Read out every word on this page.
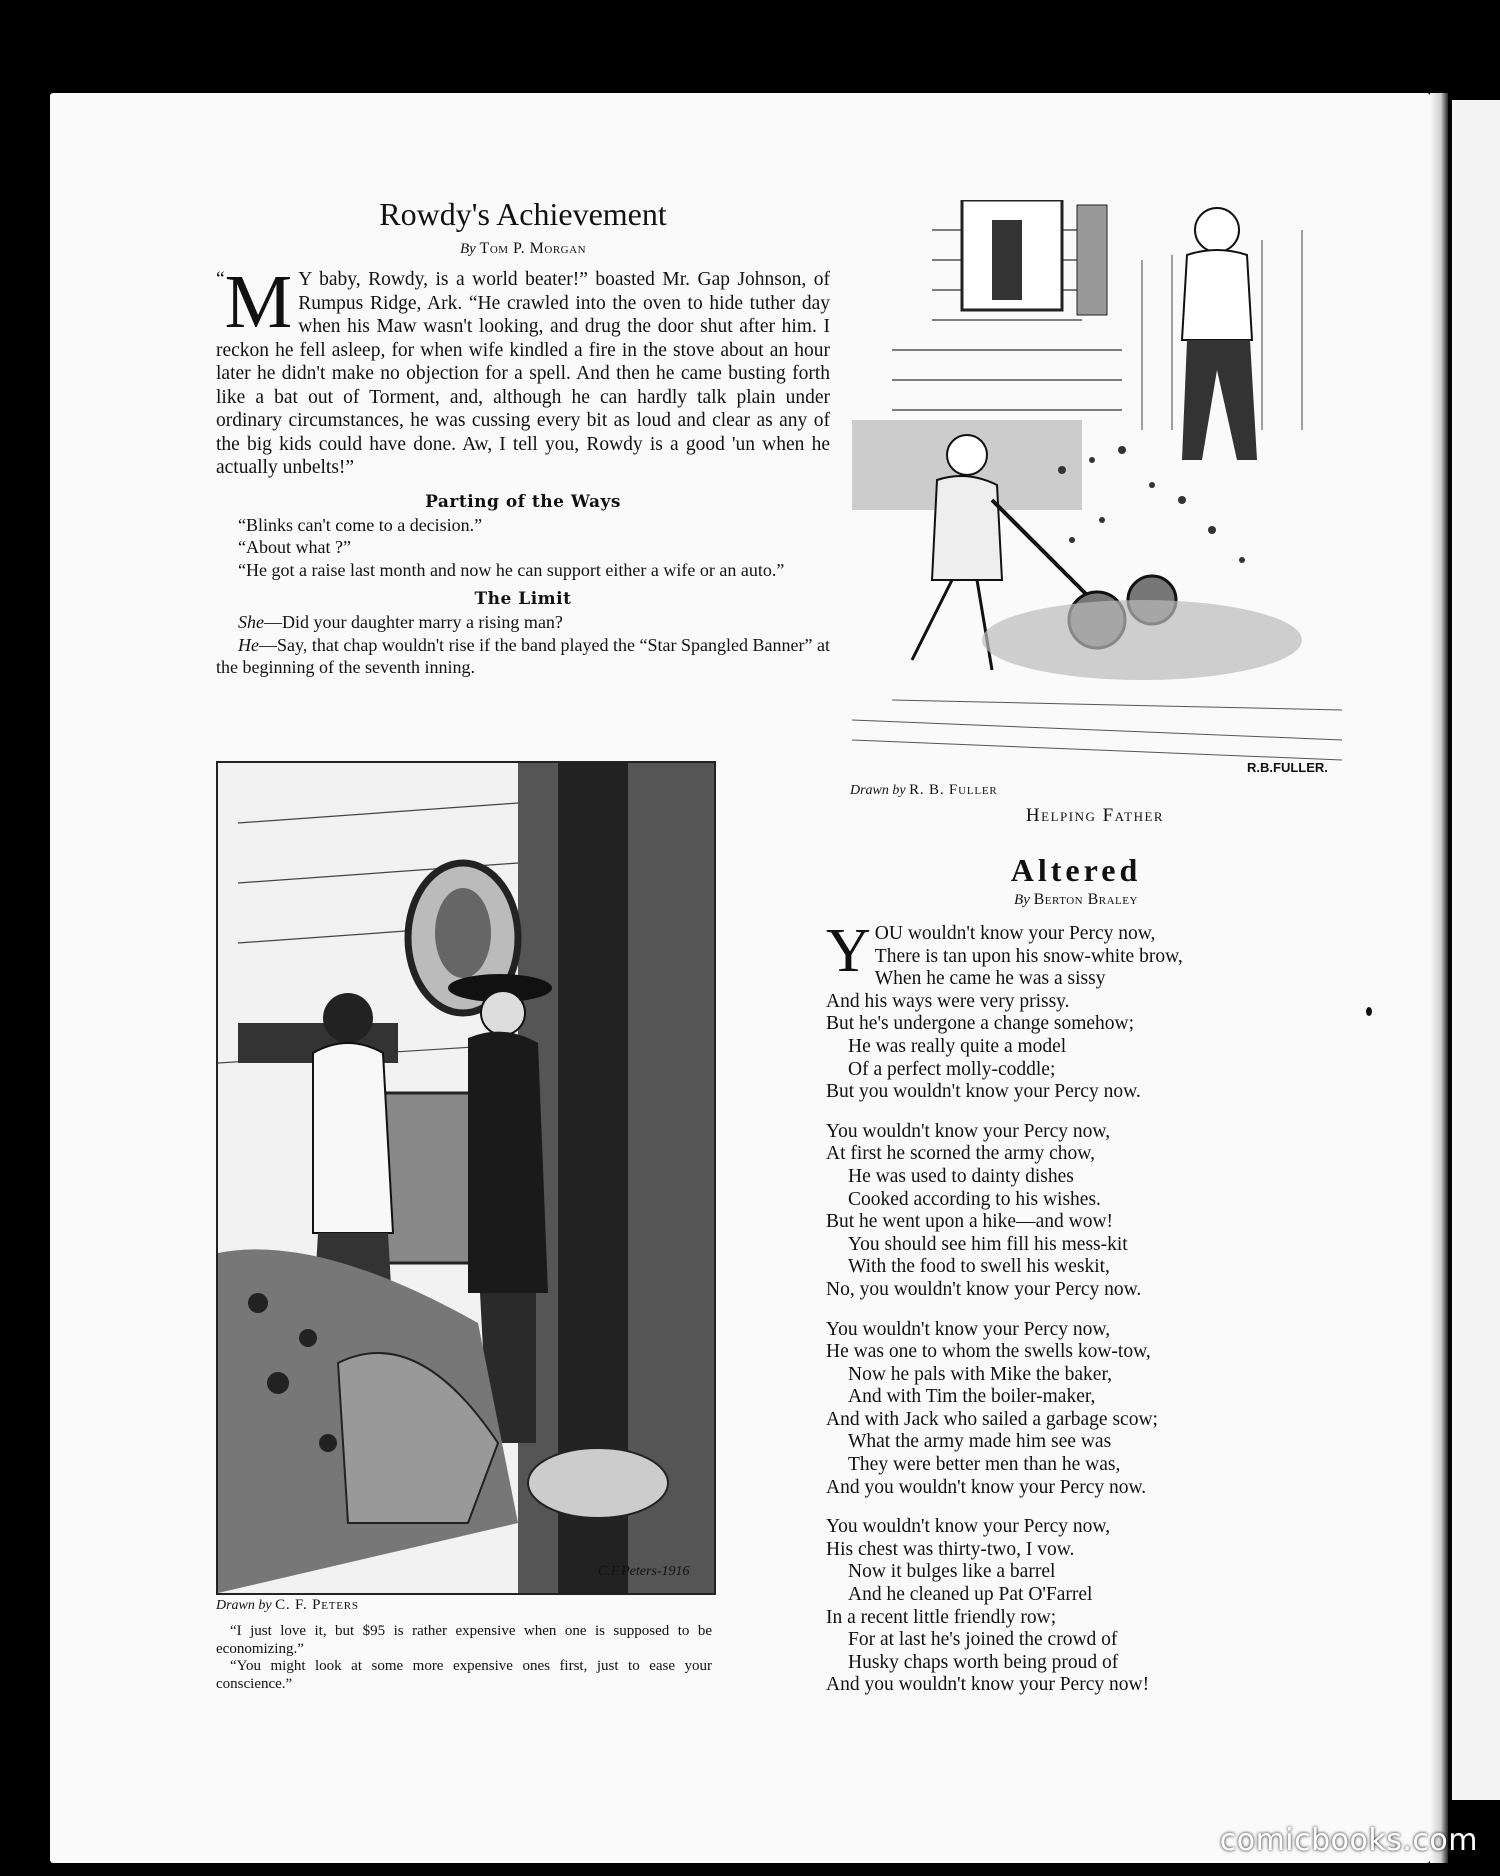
Rowdy's Achievement
By Tom P. Morgan

“ M Y baby, Rowdy, is a world beater!” boasted Mr. Gap Johnson, of Rumpus Ridge, Ark. “He crawled into the oven to hide tuther day when his Maw wasn't looking, and drug the door shut after him. I reckon he fell asleep, for when wife kindled a fire in the stove about an hour later he didn't make no objection for a spell. And then he came busting forth like a bat out of Torment, and, although he can hardly talk plain under ordinary circumstances, he was cussing every bit as loud and clear as any of the big kids could have done. Aw, I tell you, Rowdy is a good 'un when he actually unbelts!”

Parting of the Ways

“Blinks can't come to a decision.”

“About what ?”

“He got a raise last month and now he can support either a wife or an auto.”

The Limit

She—Did your daughter marry a rising man?

He—Say, that chap wouldn't rise if the band played the “Star Spangled Banner” at the beginning of the seventh inning.

C.F.Peters-1916
Drawn by C. F. Peters

“I just love it, but $95 is rather expensive when one is supposed to be economizing.”

“You might look at some more expensive ones first, just to ease your conscience.”

R.B.FULLER.
Drawn by R. B. Fuller
Helping Father
Altered
By Berton Braley
Y OU wouldn't know your Percy now,
There is tan upon his snow-white brow,
When he came he was a sissy
And his ways were very prissy.
But he's undergone a change somehow;
He was really quite a model
Of a perfect molly-coddle;
But you wouldn't know your Percy now.
You wouldn't know your Percy now,
At first he scorned the army chow,
He was used to dainty dishes
Cooked according to his wishes.
But he went upon a hike—and wow!
You should see him fill his mess-kit
With the food to swell his weskit,
No, you wouldn't know your Percy now.
You wouldn't know your Percy now,
He was one to whom the swells kow-tow,
Now he pals with Mike the baker,
And with Tim the boiler-maker,
And with Jack who sailed a garbage scow;
What the army made him see was
They were better men than he was,
And you wouldn't know your Percy now.
You wouldn't know your Percy now,
His chest was thirty-two, I vow.
Now it bulges like a barrel
And he cleaned up Pat O'Farrel
In a recent little friendly row;
For at last he's joined the crowd of
Husky chaps worth being proud of
And you wouldn't know your Percy now!
comicbooks.com
